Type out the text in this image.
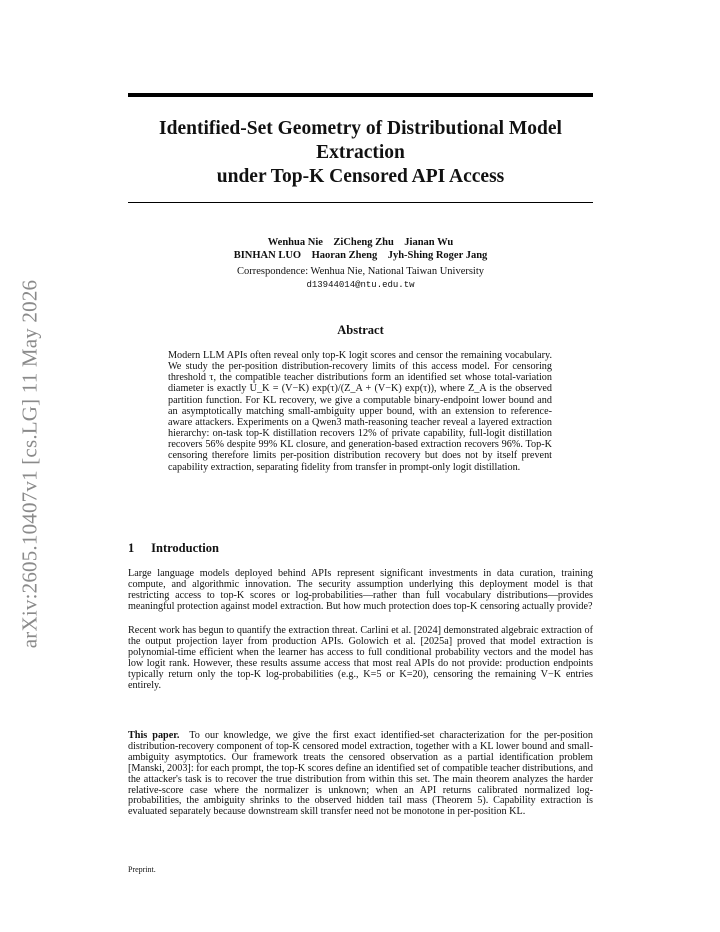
arXiv:2605.10407v1 [cs.LG] 11 May 2026
Identified-Set Geometry of Distributional Model
Extraction
under Top-K Censored API Access
Wenhua Nie    ZiCheng Zhu    Jianan Wu
BINHAN LUO    Haoran Zheng    Jyh-Shing Roger Jang
Correspondence: Wenhua Nie, National Taiwan University
d13944014@ntu.edu.tw
Abstract
Modern LLM APIs often reveal only top-K logit scores and censor the remaining vocabulary. We study the per-position distribution-recovery limits of this access model. For censoring threshold τ, the compatible teacher distributions form an identified set whose total-variation diameter is exactly U_K = (V−K) exp(τ)/(Z_A + (V−K) exp(τ)), where Z_A is the observed partition function. For KL recovery, we give a computable binary-endpoint lower bound and an asymptotically matching small-ambiguity upper bound, with an extension to reference-aware attackers. Experiments on a Qwen3 math-reasoning teacher reveal a layered extraction hierarchy: on-task top-K distillation recovers 12% of private capability, full-logit distillation recovers 56% despite 99% KL closure, and generation-based extraction recovers 96%. Top-K censoring therefore limits per-position distribution recovery but does not by itself prevent capability extraction, separating fidelity from transfer in prompt-only logit distillation.
1 Introduction
Large language models deployed behind APIs represent significant investments in data curation, training compute, and algorithmic innovation. The security assumption underlying this deployment model is that restricting access to top-K scores or log-probabilities—rather than full vocabulary distributions—provides meaningful protection against model extraction. But how much protection does top-K censoring actually provide?
Recent work has begun to quantify the extraction threat. Carlini et al. [2024] demonstrated algebraic extraction of the output projection layer from production APIs. Golowich et al. [2025a] proved that model extraction is polynomial-time efficient when the learner has access to full conditional probability vectors and the model has low logit rank. However, these results assume access that most real APIs do not provide: production endpoints typically return only the top-K log-probabilities (e.g., K=5 or K=20), censoring the remaining V−K entries entirely.
This paper. To our knowledge, we give the first exact identified-set characterization for the per-position distribution-recovery component of top-K censored model extraction, together with a KL lower bound and small-ambiguity asymptotics. Our framework treats the censored observation as a partial identification problem [Manski, 2003]: for each prompt, the top-K scores define an identified set of compatible teacher distributions, and the attacker's task is to recover the true distribution from within this set. The main theorem analyzes the harder relative-score case where the normalizer is unknown; when an API returns calibrated normalized log-probabilities, the ambiguity shrinks to the observed hidden tail mass (Theorem 5). Capability extraction is evaluated separately because downstream skill transfer need not be monotone in per-position KL.
Preprint.
